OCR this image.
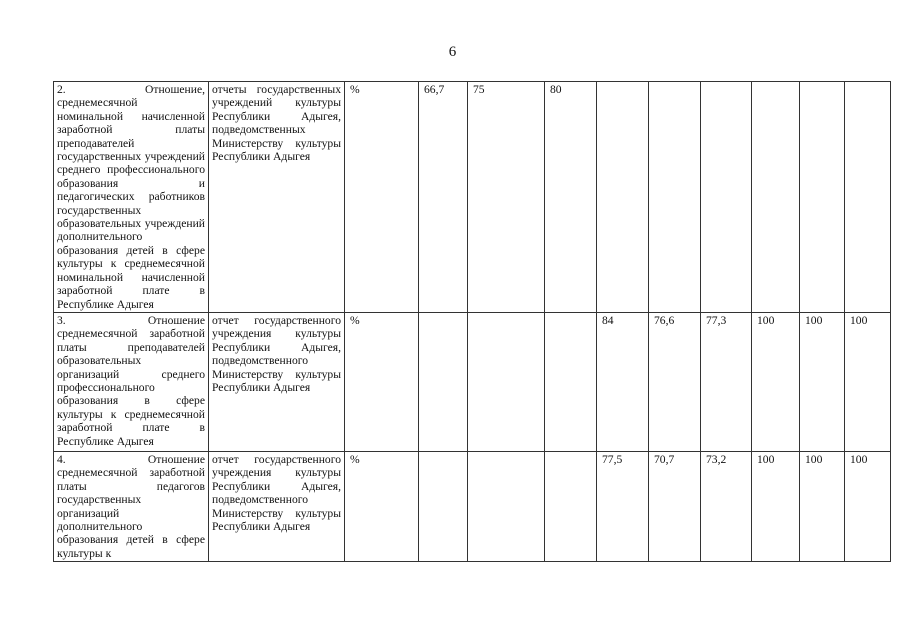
6
2. Отношение, среднемесячной номинальной начисленной заработной платы преподавателей государственных учреждений среднего профессионального образования и педагогических работников государственных образовательных учреждений дополнительного образования детей в сфере культуры к среднемесячной номинальной начисленной заработной плате в Республике Адыгея	отчеты государственных учреждений культуры Республики Адыгея, подведомственных Министерству культуры Республики Адыгея	%	66,7	75	80						
3. Отношение среднемесячной заработной платы преподавателей образовательных организаций среднего профессионального образования в сфере культуры к среднемесячной заработной плате в Республике Адыгея	отчет государственного учреждения культуры Республики Адыгея, подведомственного Министерству культуры Республики Адыгея	%				84	76,6	77,3	100	100	100
4. Отношение среднемесячной заработной платы педагогов государственных организаций дополнительного образования детей в сфере культуры к	отчет государственного учреждения культуры Республики Адыгея, подведомственного Министерству культуры Республики Адыгея	%				77,5	70,7	73,2	100	100	100
